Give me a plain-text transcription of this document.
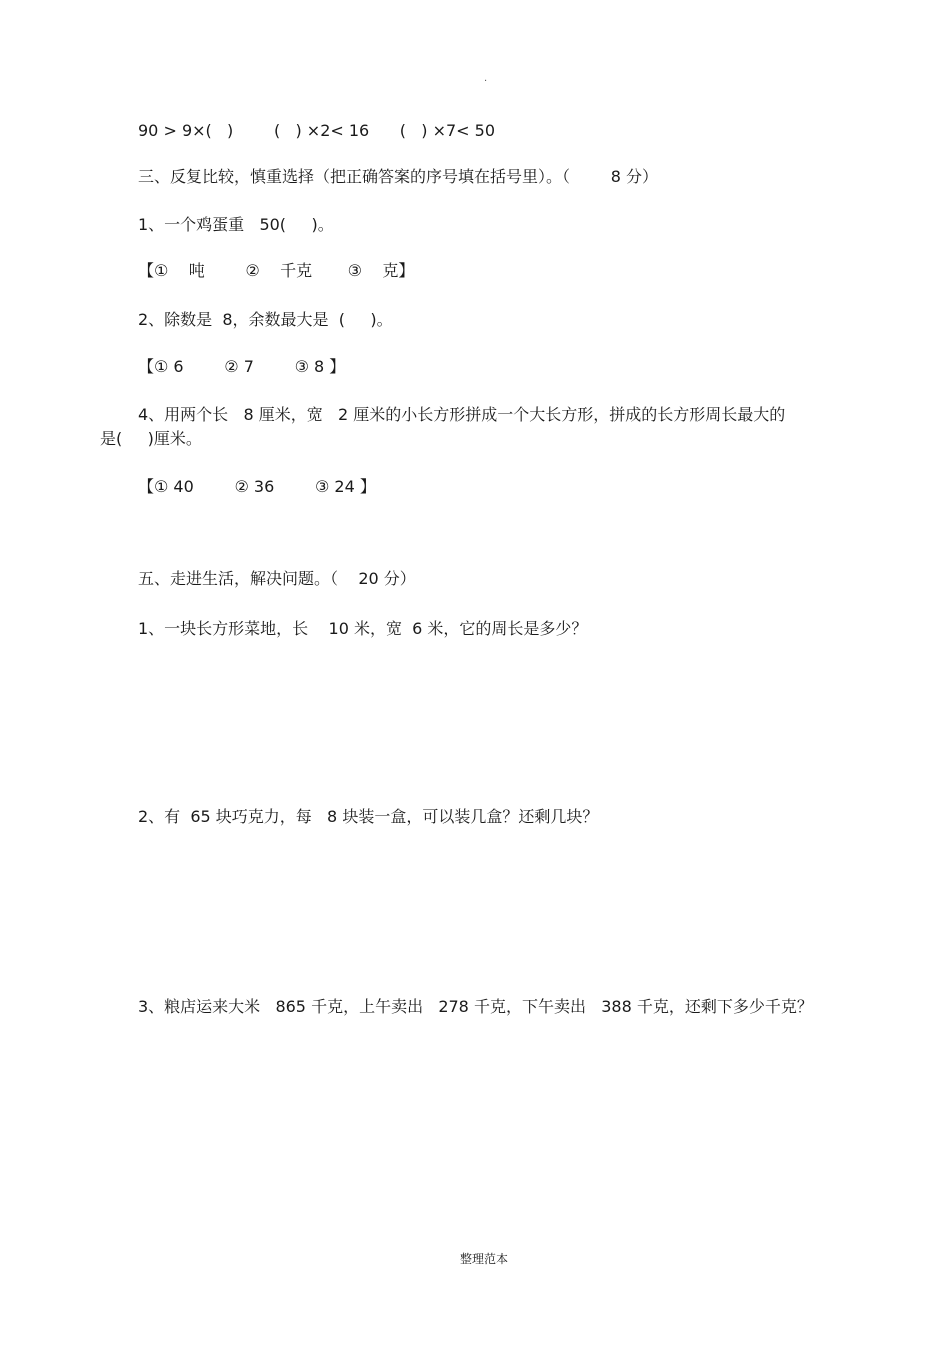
.
90 > 9×(   )        (   ) ×2< 16      (   ) ×7< 50
三、反复比较，慎重选择（把正确答案的序号填在括号里）。（        8 分）
1、一个鸡蛋重   50(     )。
【①    吨        ②    千克       ③    克】
2、除数是  8，余数最大是  (     )。
【① 6        ② 7        ③ 8 】
4、用两个长   8 厘米，宽   2 厘米的小长方形拼成一个大长方形，拼成的长方形周长最大的
是(     )厘米。
【① 40        ② 36        ③ 24 】
五、走进生活，解决问题。（    20 分）
1、一块长方形菜地，长    10 米，宽  6 米，它的周长是多少？
2、有  65 块巧克力，每   8 块装一盒，可以装几盒？还剩几块？
3、粮店运来大米   865 千克，上午卖出   278 千克，下午卖出   388 千克，还剩下多少千克？
整理范本
